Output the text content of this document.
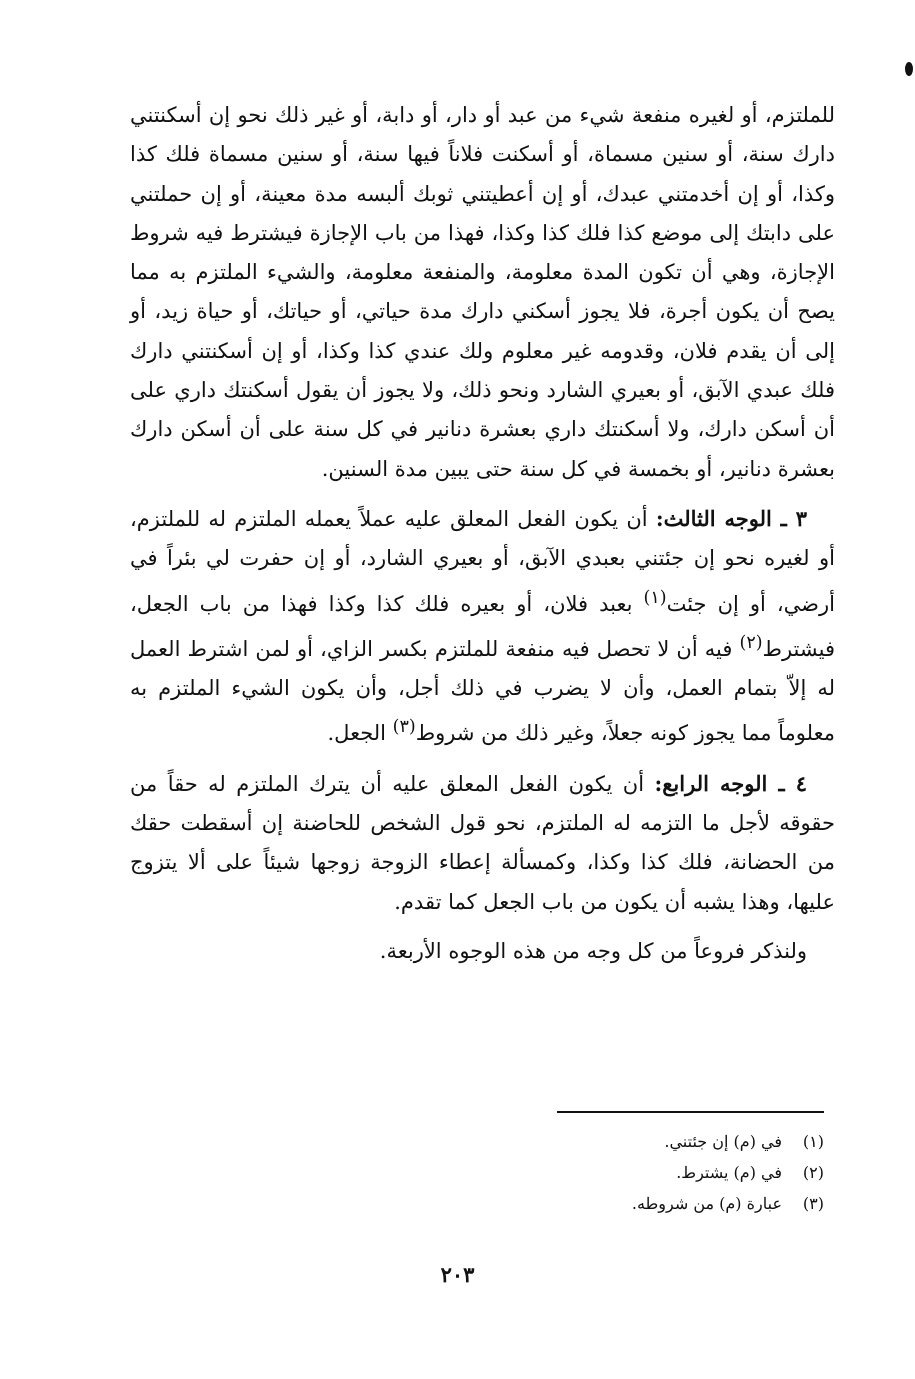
للملتزم، أو لغيره منفعة شيء من عبد أو دار، أو دابة، أو غير ذلك نحو إن أسكنتني دارك سنة، أو سنين مسماة، أو أسكنت فلاناً فيها سنة، أو سنين مسماة فلك كذا وكذا، أو إن أخدمتني عبدك، أو إن أعطيتني ثوبك ألبسه مدة معينة، أو إن حملتني على دابتك إلى موضع كذا فلك كذا وكذا، فهذا من باب الإجازة فيشترط فيه شروط الإجازة، وهي أن تكون المدة معلومة، والمنفعة معلومة، والشيء الملتزم به مما يصح أن يكون أجرة، فلا يجوز أسكني دارك مدة حياتي، أو حياتك، أو حياة زيد، أو إلى أن يقدم فلان، وقدومه غير معلوم ولك عندي كذا وكذا، أو إن أسكنتني دارك فلك عبدي الآبق، أو بعيري الشارد ونحو ذلك، ولا يجوز أن يقول أسكنتك داري على أن أسكن دارك، ولا أسكنتك داري بعشرة دنانير في كل سنة على أن أسكن دارك بعشرة دنانير، أو بخمسة في كل سنة حتى يبين مدة السنين.

٣ ـ الوجه الثالث: أن يكون الفعل المعلق عليه عملاً يعمله الملتزم له للملتزم، أو لغيره نحو إن جئتني بعبدي الآبق، أو بعيري الشارد، أو إن حفرت لي بئراً في أرضي، أو إن جئت$^{(١)}$ بعبد فلان، أو بعيره فلك كذا وكذا فهذا من باب الجعل، فيشترط$^{(٢)}$ فيه أن لا تحصل فيه منفعة للملتزم بكسر الزاي، أو لمن اشترط العمل له إلاّ بتمام العمل، وأن لا يضرب في ذلك أجل، وأن يكون الشيء الملتزم به معلوماً مما يجوز كونه جعلاً، وغير ذلك من شروط$^{(٣)}$ الجعل.

٤ ـ الوجه الرابع: أن يكون الفعل المعلق عليه أن يترك الملتزم له حقاً من حقوقه لأجل ما التزمه له الملتزم، نحو قول الشخص للحاضنة إن أسقطت حقك من الحضانة، فلك كذا وكذا، وكمسألة إعطاء الزوجة زوجها شيئاً على ألا يتزوج عليها، وهذا يشبه أن يكون من باب الجعل كما تقدم.

ولنذكر فروعاً من كل وجه من هذه الوجوه الأربعة.

(١)في (م) إن جئتني.
(٢)في (م) يشترط.
(٣)عبارة (م) من شروطه.
٢٠٣
